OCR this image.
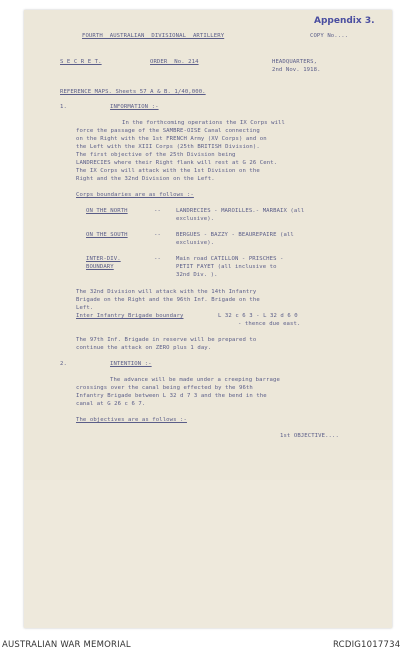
Appendix 3.
FOURTH  AUSTRALIAN  DIVISIONAL  ARTILLERY	COPY No....
S E C R E T.	ORDER  No. 214	HEADQUARTERS,
2nd Nov. 1918.
REFERENCE MAPS. Sheets 57 A & B. 1/40,000.
1.	INFORMATION :-
In the forthcoming operations the IX Corps will
force the passage of the SAMBRE-OISE Canal connecting
on the Right with the 1st FRENCH Army (XV Corps) and on
the Left with the XIII Corps (25th BRITISH Division).
The first objective of the 25th Division being
LANDRECIES where their Right flank will rest at G 26 Cent.
The IX Corps will attack with the 1st Division on the
Right and the 32nd Division on the Left.
Corps boundaries are as follows :-
ON THE NORTH	--	LANDRECIES - MAROILLES.- MARBAIX (all
exclusive).
ON THE SOUTH	--	BERGUES - BAZZY - BEAUREPAIRE (all
exclusive).
INTER-DIV.
BOUNDARY
--	Main road CATILLON - PRISCHES -
PETIT FAYET (all inclusive to
32nd Div. ).
The 32nd Division will attack with the 14th Infantry
Brigade on the Right and the 96th Inf. Brigade on the
Left.
Inter Infantry Brigade boundary	L 32 c 6 3 - L 32 d 6 0
- thence due east.
The 97th Inf. Brigade in reserve will be prepared to
continue the attack on ZERO plus 1 day.
2.	INTENTION :-
The advance will be made under a creeping barrage
crossings over the canal being effected by the 96th
Infantry Brigade between L 32 d 7 3 and the bend in the
canal at G 26 c 6 7.
The objectives are as follows :-
1st OBJECTIVE....
AUSTRALIAN WAR MEMORIAL	RCDIG1017734
